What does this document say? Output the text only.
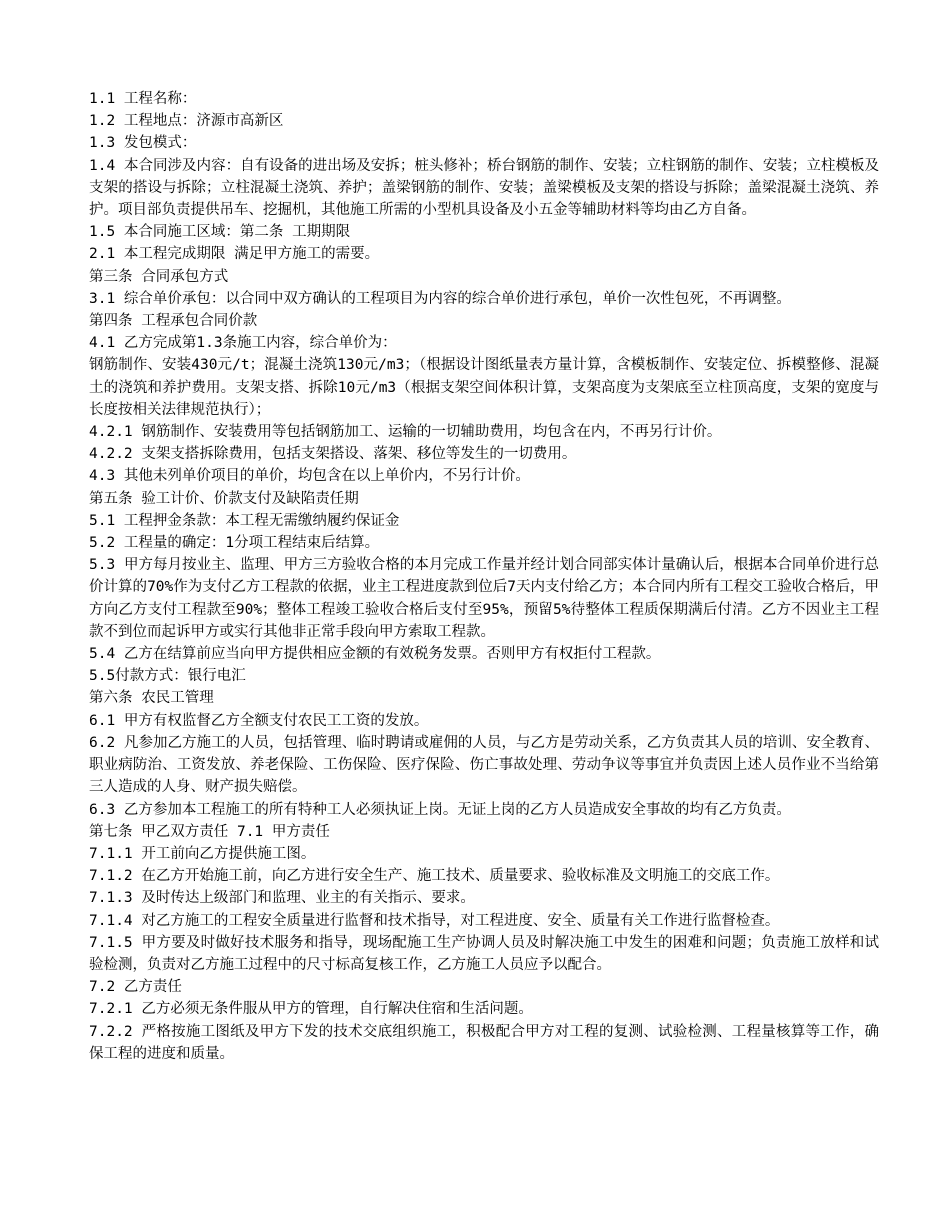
1.1 工程名称：

1.2 工程地点：济源市高新区

1.3 发包模式：

1.4 本合同涉及内容：自有设备的进出场及安拆；桩头修补；桥台钢筋的制作、安装；立柱钢筋的制作、安装；立柱模板及支架的搭设与拆除；立柱混凝土浇筑、养护；盖梁钢筋的制作、安装；盖梁模板及支架的搭设与拆除；盖梁混凝土浇筑、养护。项目部负责提供吊车、挖掘机，其他施工所需的小型机具设备及小五金等辅助材料等均由乙方自备。

1.5 本合同施工区域：第二条 工期期限

2.1 本工程完成期限 满足甲方施工的需要。

第三条 合同承包方式

3.1 综合单价承包：以合同中双方确认的工程项目为内容的综合单价进行承包，单价一次性包死，不再调整。

第四条 工程承包合同价款

4.1 乙方完成第1.3条施工内容，综合单价为：

钢筋制作、安装430元/t；混凝土浇筑130元/m3；（根据设计图纸量表方量计算，含模板制作、安装定位、拆模整修、混凝土的浇筑和养护费用。支架支搭、拆除10元/m3（根据支架空间体积计算，支架高度为支架底至立柱顶高度，支架的宽度与长度按相关法律规范执行）；

4.2.1 钢筋制作、安装费用等包括钢筋加工、运输的一切辅助费用，均包含在内，不再另行计价。

4.2.2 支架支搭拆除费用，包括支架搭设、落架、移位等发生的一切费用。

4.3 其他未列单价项目的单价，均包含在以上单价内，不另行计价。

第五条 验工计价、价款支付及缺陷责任期

5.1 工程押金条款：本工程无需缴纳履约保证金

5.2 工程量的确定：1分项工程结束后结算。

5.3 甲方每月按业主、监理、甲方三方验收合格的本月完成工作量并经计划合同部实体计量确认后，根据本合同单价进行总价计算的70%作为支付乙方工程款的依据，业主工程进度款到位后7天内支付给乙方；本合同内所有工程交工验收合格后，甲方向乙方支付工程款至90%；整体工程竣工验收合格后支付至95%，预留5%待整体工程质保期满后付清。乙方不因业主工程款不到位而起诉甲方或实行其他非正常手段向甲方索取工程款。

5.4 乙方在结算前应当向甲方提供相应金额的有效税务发票。否则甲方有权拒付工程款。

5.5付款方式：银行电汇

第六条 农民工管理

6.1 甲方有权监督乙方全额支付农民工工资的发放。

6.2 凡参加乙方施工的人员，包括管理、临时聘请或雇佣的人员，与乙方是劳动关系，乙方负责其人员的培训、安全教育、职业病防治、工资发放、养老保险、工伤保险、医疗保险、伤亡事故处理、劳动争议等事宜并负责因上述人员作业不当给第三人造成的人身、财产损失赔偿。

6.3 乙方参加本工程施工的所有特种工人必须执证上岗。无证上岗的乙方人员造成安全事故的均有乙方负责。

第七条 甲乙双方责任 7.1 甲方责任

7.1.1 开工前向乙方提供施工图。

7.1.2 在乙方开始施工前，向乙方进行安全生产、施工技术、质量要求、验收标准及文明施工的交底工作。

7.1.3 及时传达上级部门和监理、业主的有关指示、要求。

7.1.4 对乙方施工的工程安全质量进行监督和技术指导，对工程进度、安全、质量有关工作进行监督检查。

7.1.5 甲方要及时做好技术服务和指导，现场配施工生产协调人员及时解决施工中发生的困难和问题；负责施工放样和试验检测，负责对乙方施工过程中的尺寸标高复核工作，乙方施工人员应予以配合。

7.2 乙方责任

7.2.1 乙方必须无条件服从甲方的管理，自行解决住宿和生活问题。

7.2.2 严格按施工图纸及甲方下发的技术交底组织施工，积极配合甲方对工程的复测、试验检测、工程量核算等工作，确保工程的进度和质量。
